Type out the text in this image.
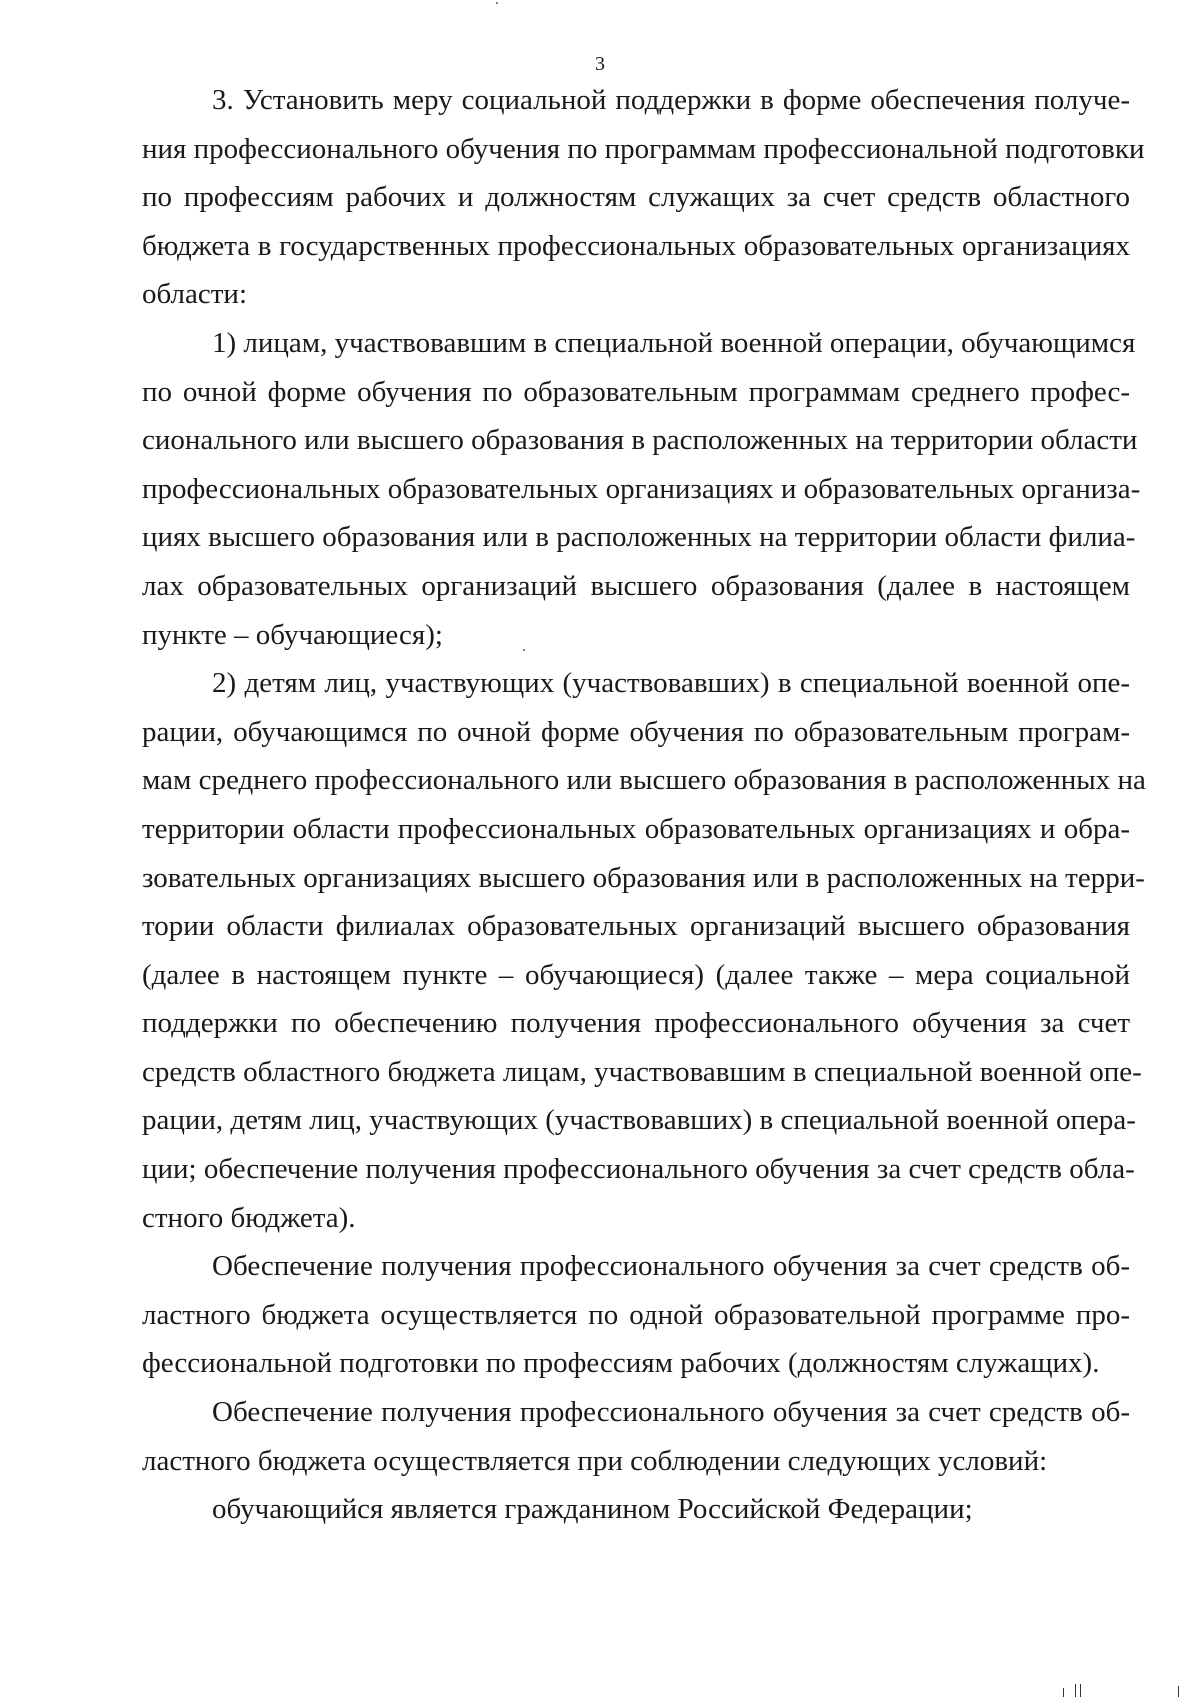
3

3. Установить меру социальной поддержки в форме обеспечения получе-
ния профессионального обучения по программам профессиональной подготовки
по профессиям рабочих и должностям служащих за счет средств областного
бюджета в государственных профессиональных образовательных организациях
области:

1) лицам, участвовавшим в специальной военной операции, обучающимся
по очной форме обучения по образовательным программам среднего профес-
сионального или высшего образования в расположенных на территории области
профессиональных образовательных организациях и образовательных организа-
циях высшего образования или в расположенных на территории области филиа-
лах образовательных организаций высшего образования (далее в настоящем
пункте – обучающиеся);

2) детям лиц, участвующих (участвовавших) в специальной военной опе-
рации, обучающимся по очной форме обучения по образовательным програм-
мам среднего профессионального или высшего образования в расположенных на
территории области профессиональных образовательных организациях и обра-
зовательных организациях высшего образования или в расположенных на терри-
тории области филиалах образовательных организаций высшего образования
(далее в настоящем пункте – обучающиеся) (далее также – мера социальной
поддержки по обеспечению получения профессионального обучения за счет
средств областного бюджета лицам, участвовавшим в специальной военной опе-
рации, детям лиц, участвующих (участвовавших) в специальной военной опера-
ции; обеспечение получения профессионального обучения за счет средств обла-
стного бюджета).

Обеспечение получения профессионального обучения за счет средств об-
ластного бюджета осуществляется по одной образовательной программе про-
фессиональной подготовки по профессиям рабочих (должностям служащих).

Обеспечение получения профессионального обучения за счет средств об-
ластного бюджета осуществляется при соблюдении следующих условий:

обучающийся является гражданином Российской Федерации;
